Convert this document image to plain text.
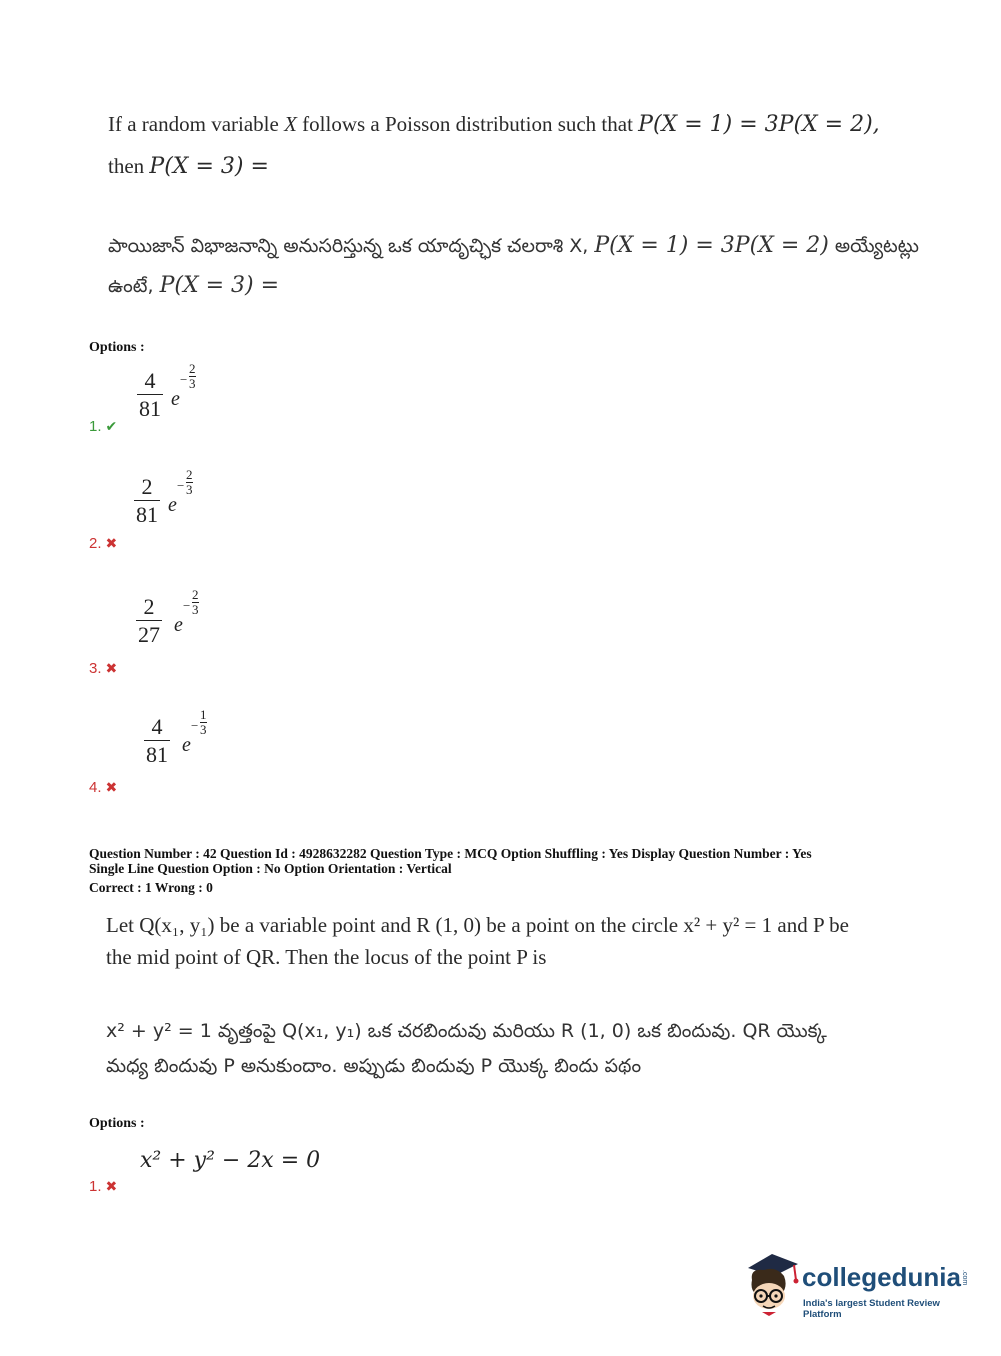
If a random variable X follows a Poisson distribution such that P(X = 1) = 3P(X = 2),
then P(X = 3) =
పాయిజాన్ విభాజనాన్ని అనుసరిస్తున్న ఒక యాదృచ్ఛిక చలరాశి X, P(X = 1) = 3P(X = 2) అయ్యేటట్లు
ఉంటే, P(X = 3) =
Options :
$\frac{4}{81}$ e
−
2
3
1. ✔
$\frac{2}{81}$ e
−
2
3
2. ✖
$\frac{2}{27}$ e
−
2
3
3. ✖
$\frac{4}{81}$ e
−
1
3
4. ✖
Question Number : 42 Question Id : 4928632282 Question Type : MCQ Option Shuffling : Yes Display Question Number : Yes
Single Line Question Option : No Option Orientation : Vertical
Correct : 1 Wrong : 0
Let Q(x₁, y₁) be a variable point and R (1, 0) be a point on the circle x² + y² = 1 and P be
the mid point of QR. Then the locus of the point P is
x² + y² = 1 వృత్తంపై Q(x₁, y₁) ఒక చరబిందువు మరియు R (1, 0) ఒక బిందువు. QR యొక్క
మధ్య బిందువు P అనుకుందాం. అప్పుడు బిందువు P యొక్క బిందు పథం
Options :
x² + y² − 2x = 0
1. ✖
collegedunia .com
India's largest Student Review Platform
